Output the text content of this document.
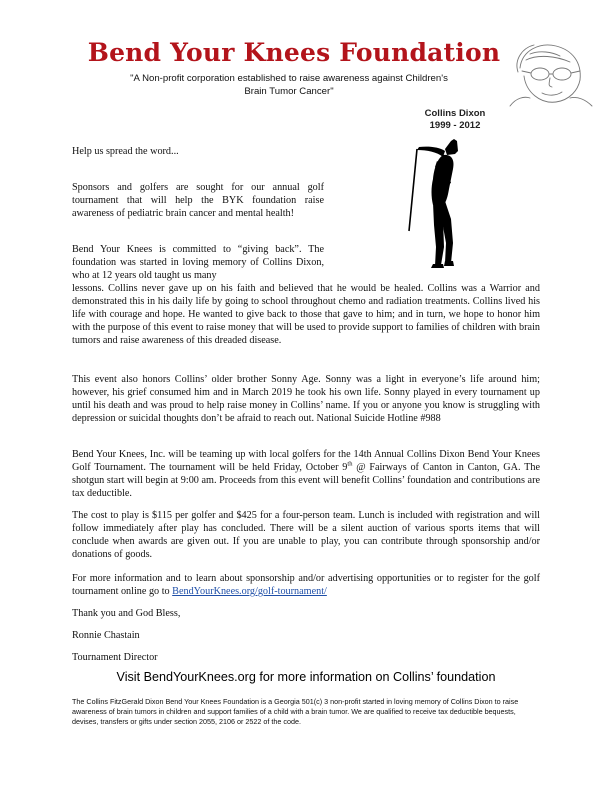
Bend Your Knees Foundation
"A Non-profit corporation established to raise awareness against Children's
Brain Tumor Cancer"
Collins Dixon
1999 - 2012

Help us spread the word...

Sponsors and golfers are sought for our annual golf tournament that will help the BYK foundation raise awareness of pediatric brain cancer and mental health!

Bend Your Knees is committed to “giving back”. The foundation was started in loving memory of Collins Dixon, who at 12 years old taught us many

lessons. Collins never gave up on his faith and believed that he would be healed. Collins was a Warrior and demonstrated this in his daily life by going to school throughout chemo and radiation treatments. Collins lived his life with courage and hope. He wanted to give back to those that gave to him; and in turn, we hope to honor him with the purpose of this event to raise money that will be used to provide support to families of children with brain tumors and raise awareness of this dreaded disease.

This event also honors Collins’ older brother Sonny Age. Sonny was a light in everyone’s life around him; however, his grief consumed him and in March 2019 he took his own life. Sonny played in every tournament up until his death and was proud to help raise money in Collins’ name. If you or anyone you know is struggling with depression or suicidal thoughts don’t be afraid to reach out. National Suicide Hotline #988

Bend Your Knees, Inc. will be teaming up with local golfers for the 14th Annual Collins Dixon Bend Your Knees Golf Tournament. The tournament will be held Friday, October 9th @ Fairways of Canton in Canton, GA. The shotgun start will begin at 9:00 am. Proceeds from this event will benefit Collins’ foundation and contributions are tax deductible.

The cost to play is $115 per golfer and $425 for a four-person team. Lunch is included with registration and will follow immediately after play has concluded. There will be a silent auction of various sports items that will conclude when awards are given out. If you are unable to play, you can contribute through sponsorship and/or donations of goods.

For more information and to learn about sponsorship and/or advertising opportunities or to register for the golf tournament online go to BendYourKnees.org/golf-tournament/

Thank you and God Bless,

Ronnie Chastain

Tournament Director

Visit BendYourKnees.org for more information on Collins’ foundation

The Collins FitzGerald Dixon Bend Your Knees Foundation is a Georgia 501(c) 3 non-profit started in loving memory of Collins Dixon to raise awareness of brain tumors in children and support families of a child with a brain tumor. We are qualified to receive tax deductible bequests, devises, transfers or gifts under section 2055, 2106 or 2522 of the code.
